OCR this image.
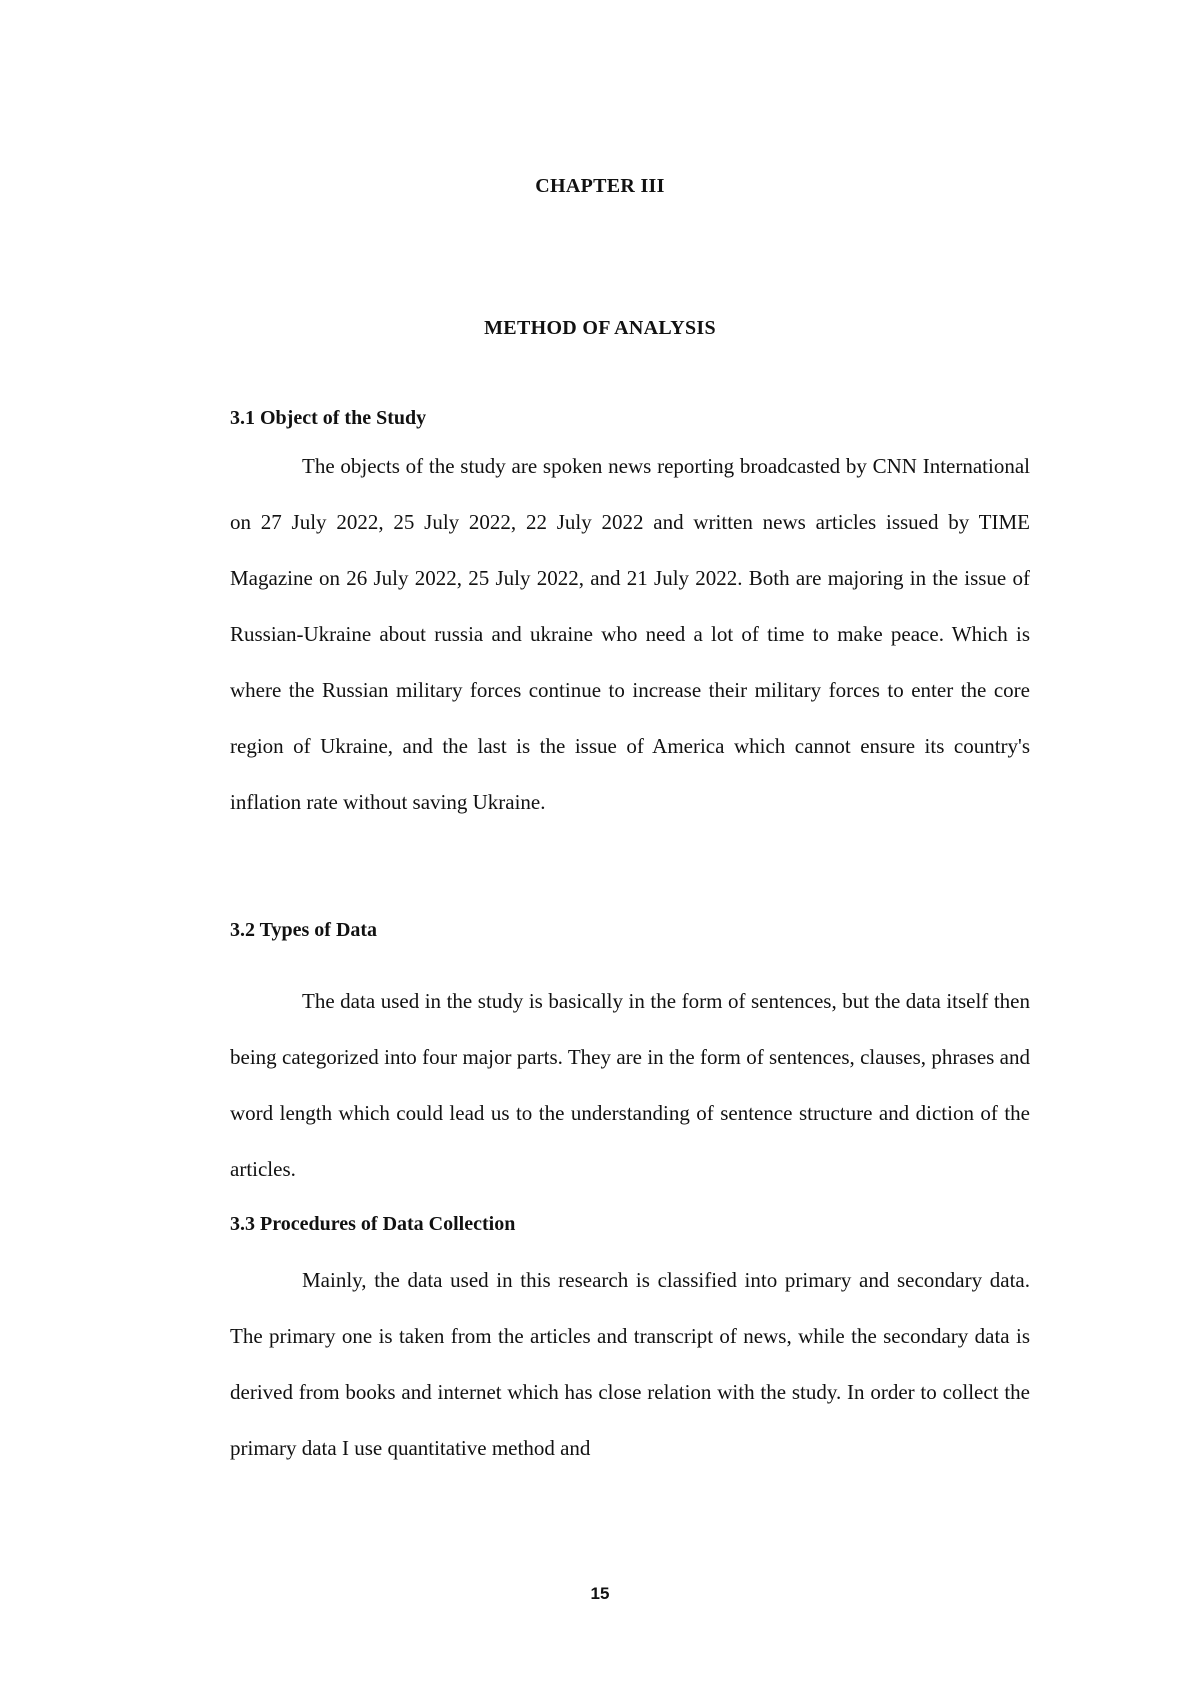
CHAPTER III
METHOD OF ANALYSIS
3.1 Object of the Study

The objects of the study are spoken news reporting broadcasted by CNN International on 27 July 2022, 25 July 2022, 22 July 2022 and written news articles issued by TIME Magazine on 26 July 2022, 25 July 2022, and 21 July 2022. Both are majoring in the issue of Russian-Ukraine about russia and ukraine who need a lot of time to make peace. Which is where the Russian military forces continue to increase their military forces to enter the core region of Ukraine, and the last is the issue of America which cannot ensure its country's inflation rate without saving Ukraine.

3.2 Types of Data

The data used in the study is basically in the form of sentences, but the data itself then being categorized into four major parts. They are in the form of sentences, clauses, phrases and word length which could lead us to the understanding of sentence structure and diction of the articles.

3.3 Procedures of Data Collection

Mainly, the data used in this research is classified into primary and secondary data. The primary one is taken from the articles and transcript of news, while the secondary data is derived from books and internet which has close relation with the study. In order to collect the primary data I use quantitative method and

15
